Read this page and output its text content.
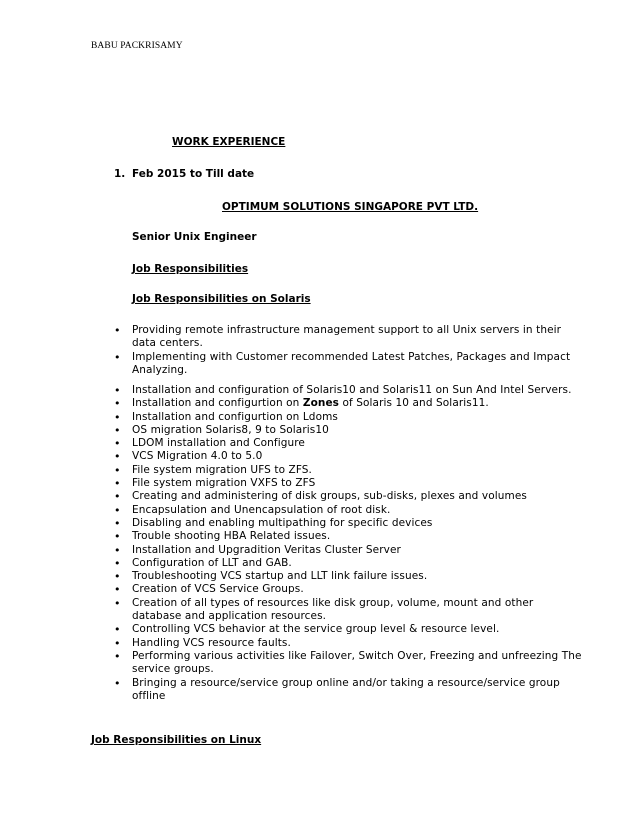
BABU PACKRISAMY
WORK EXPERIENCE
1. Feb 2015 to Till date
OPTIMUM SOLUTIONS SINGAPORE PVT LTD.
Senior Unix Engineer
Job Responsibilities
Job Responsibilities on Solaris
• Providing remote infrastructure management support to all Unix servers in their data centers.
• Implementing with Customer recommended Latest Patches, Packages and Impact Analyzing.
• Installation and configuration of Solaris10 and Solaris11 on Sun And Intel Servers.
• Installation and configurtion on Zones of Solaris 10 and Solaris11.
• Installation and configurtion on Ldoms
• OS migration Solaris8, 9 to Solaris10
• LDOM installation and Configure
• VCS Migration 4.0 to 5.0
• File system migration UFS to ZFS.
• File system migration VXFS to ZFS
• Creating and administering of disk groups, sub-disks, plexes and volumes
• Encapsulation and Unencapsulation of root disk.
• Disabling and enabling multipathing for specific devices
• Trouble shooting HBA Related issues.
• Installation and Upgradition Veritas Cluster Server
• Configuration of LLT and GAB.
• Troubleshooting VCS startup and LLT link failure issues.
• Creation of VCS Service Groups.
• Creation of all types of resources like disk group, volume, mount and other database and application resources.
• Controlling VCS behavior at the service group level & resource level.
• Handling VCS resource faults.
• Performing various activities like Failover, Switch Over, Freezing and unfreezing The service groups.
• Bringing a resource/service group online and/or taking a resource/service group offline
Job Responsibilities on Linux
